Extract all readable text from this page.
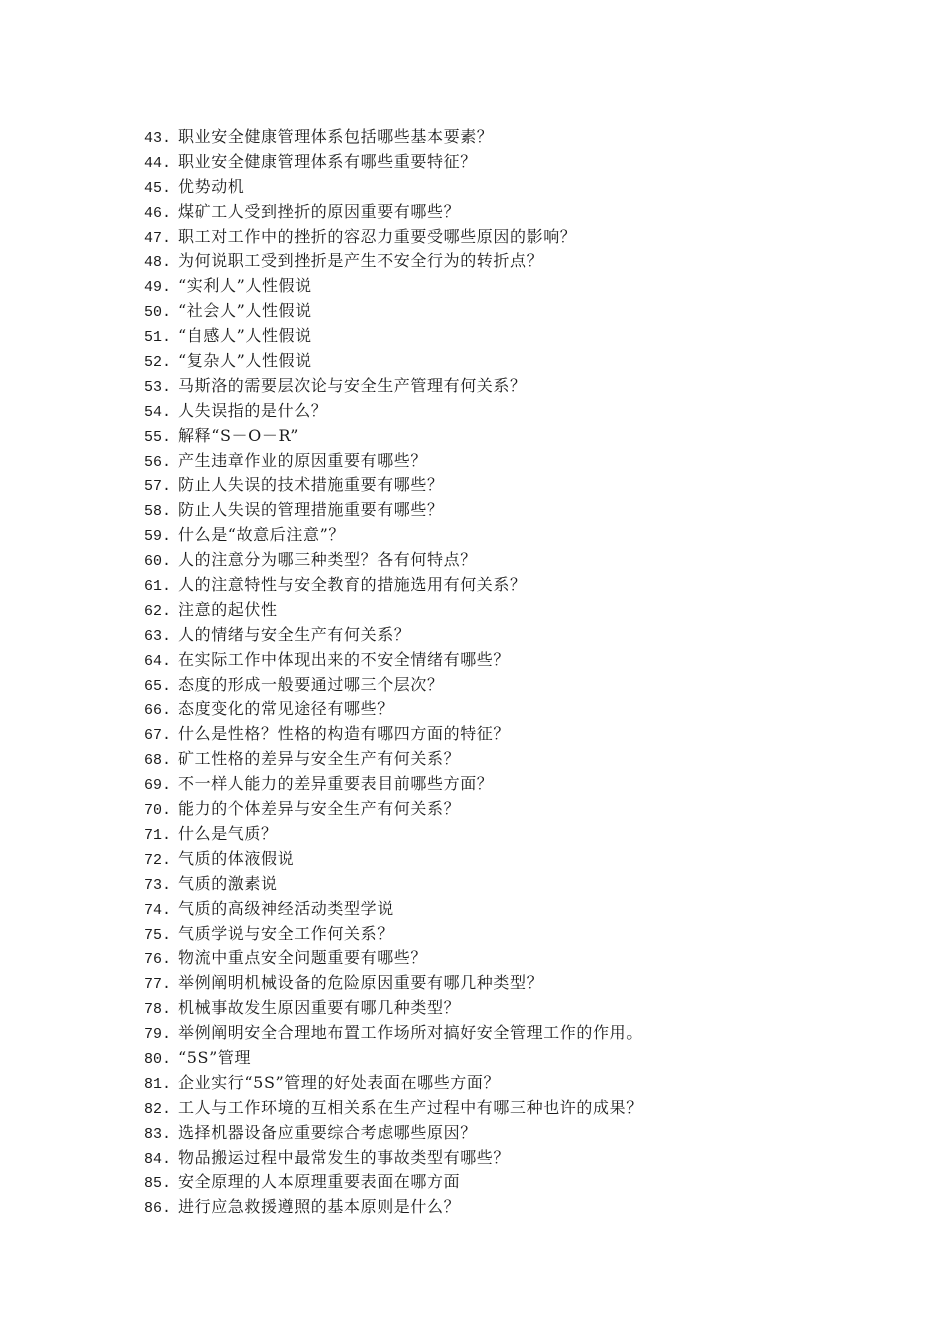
43. 职业安全健康管理体系包括哪些基本要素？
44. 职业安全健康管理体系有哪些重要特征？
45. 优势动机
46. 煤矿工人受到挫折的原因重要有哪些？
47. 职工对工作中的挫折的容忍力重要受哪些原因的影响？
48. 为何说职工受到挫折是产生不安全行为的转折点？
49. “实利人”人性假说
50. “社会人”人性假说
51. “自感人”人性假说
52. “复杂人”人性假说
53. 马斯洛的需要层次论与安全生产管理有何关系？
54. 人失误指的是什么？
55. 解释“S－O－R”
56. 产生违章作业的原因重要有哪些？
57. 防止人失误的技术措施重要有哪些？
58. 防止人失误的管理措施重要有哪些？
59. 什么是“故意后注意”？
60. 人的注意分为哪三种类型？各有何特点？
61. 人的注意特性与安全教育的措施选用有何关系？
62. 注意的起伏性
63. 人的情绪与安全生产有何关系？
64. 在实际工作中体现出来的不安全情绪有哪些？
65. 态度的形成一般要通过哪三个层次？
66. 态度变化的常见途径有哪些？
67. 什么是性格？性格的构造有哪四方面的特征？
68. 矿工性格的差异与安全生产有何关系？
69. 不一样人能力的差异重要表目前哪些方面？
70. 能力的个体差异与安全生产有何关系？
71. 什么是气质？
72. 气质的体液假说
73. 气质的激素说
74. 气质的高级神经活动类型学说
75. 气质学说与安全工作何关系？
76. 物流中重点安全问题重要有哪些？
77. 举例阐明机械设备的危险原因重要有哪几种类型？
78. 机械事故发生原因重要有哪几种类型？
79. 举例阐明安全合理地布置工作场所对搞好安全管理工作的作用。
80. “5S”管理
81. 企业实行“5S”管理的好处表面在哪些方面？
82. 工人与工作环境的互相关系在生产过程中有哪三种也许的成果？
83. 选择机器设备应重要综合考虑哪些原因？
84. 物品搬运过程中最常发生的事故类型有哪些？
85. 安全原理的人本原理重要表面在哪方面
86. 进行应急救援遵照的基本原则是什么？
